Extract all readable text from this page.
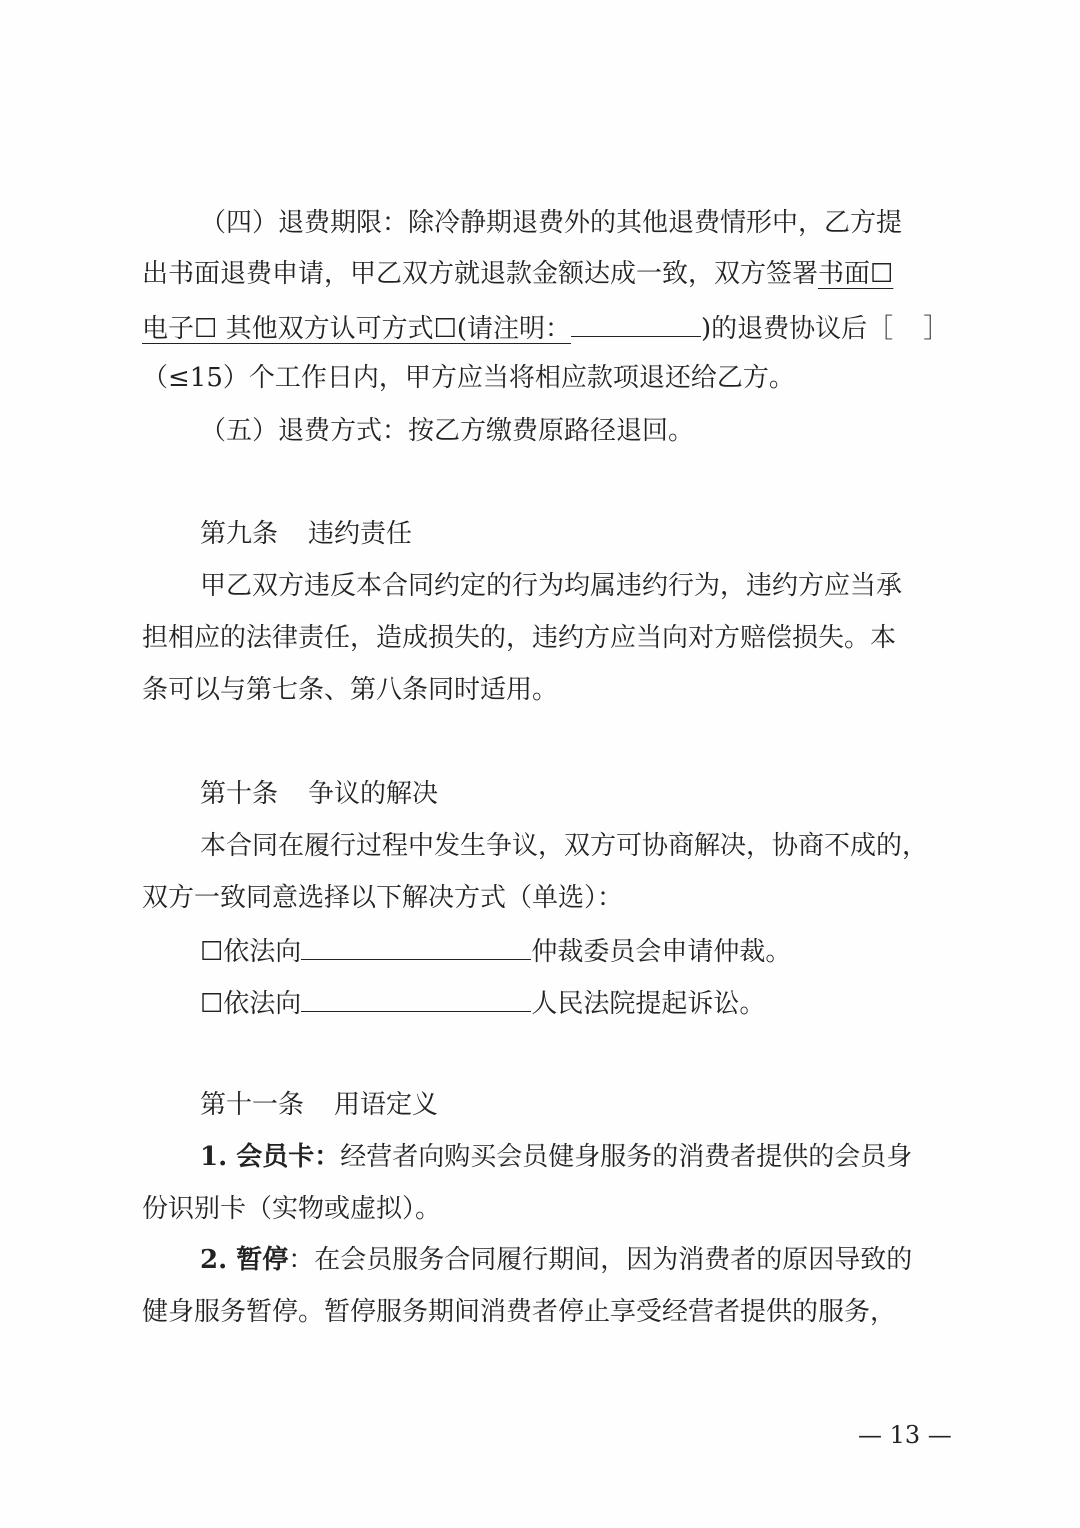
（四）退费期限：除冷静期退费外的其他退费情形中，乙方提
出书面退费申请，甲乙双方就退款金额达成一致，双方签署书面☐
电子☐ 其他双方认可方式☐(请注明：	)的退费协议后［ ］
（≤15）个工作日内，甲方应当将相应款项退还给乙方。
（五）退费方式：按乙方缴费原路径退回。
第九条 违约责任
甲乙双方违反本合同约定的行为均属违约行为，违约方应当承
担相应的法律责任，造成损失的，违约方应当向对方赔偿损失。本
条可以与第七条、第八条同时适用。
第十条 争议的解决
本合同在履行过程中发生争议，双方可协商解决，协商不成的，
双方一致同意选择以下解决方式（单选）：
☐依法向	仲裁委员会申请仲裁。
☐依法向	人民法院提起诉讼。
第十一条 用语定义
1. 会员卡：经营者向购买会员健身服务的消费者提供的会员身
份识别卡（实物或虚拟）。
2. 暂停：在会员服务合同履行期间，因为消费者的原因导致的
健身服务暂停。暂停服务期间消费者停止享受经营者提供的服务，
— 13 —
